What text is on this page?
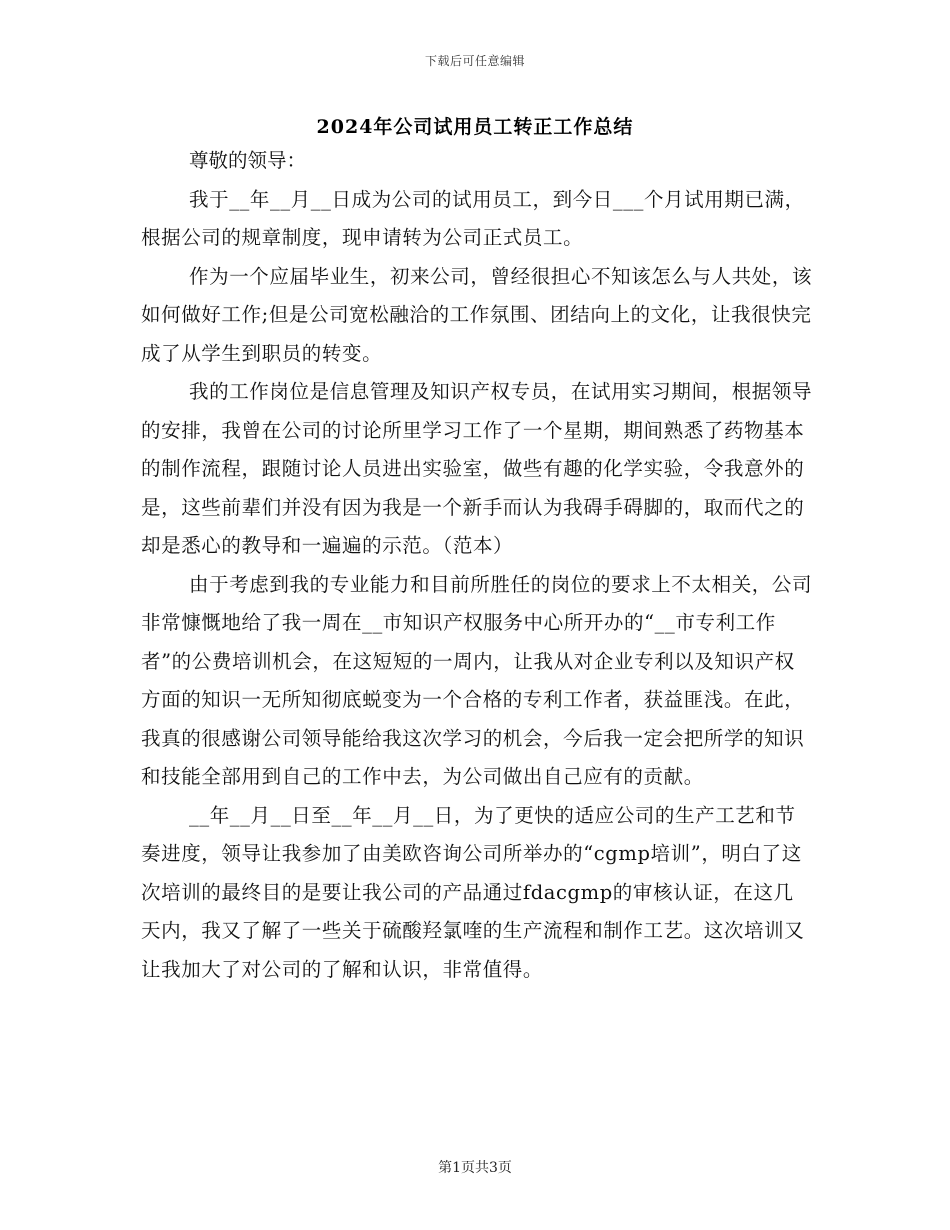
下载后可任意编辑
2024年公司试用员工转正工作总结

尊敬的领导：

我于__年__月__日成为公司的试用员工，到今日___个月试用期已满，根据公司的规章制度，现申请转为公司正式员工。

作为一个应届毕业生，初来公司，曾经很担心不知该怎么与人共处，该如何做好工作;但是公司宽松融洽的工作氛围、团结向上的文化，让我很快完成了从学生到职员的转变。

我的工作岗位是信息管理及知识产权专员，在试用实习期间，根据领导的安排，我曾在公司的讨论所里学习工作了一个星期，期间熟悉了药物基本的制作流程，跟随讨论人员进出实验室，做些有趣的化学实验，令我意外的是，这些前辈们并没有因为我是一个新手而认为我碍手碍脚的，取而代之的却是悉心的教导和一遍遍的示范。（范本）

由于考虑到我的专业能力和目前所胜任的岗位的要求上不太相关，公司非常慷慨地给了我一周在__市知识产权服务中心所开办的“__市专利工作者”的公费培训机会，在这短短的一周内，让我从对企业专利以及知识产权方面的知识一无所知彻底蜕变为一个合格的专利工作者，获益匪浅。在此，我真的很感谢公司领导能给我这次学习的机会，今后我一定会把所学的知识和技能全部用到自己的工作中去，为公司做出自己应有的贡献。

__年__月__日至__年__月__日，为了更快的适应公司的生产工艺和节奏进度，领导让我参加了由美欧咨询公司所举办的“cgmp培训”，明白了这次培训的最终目的是要让我公司的产品通过fdacgmp的审核认证，在这几天内，我又了解了一些关于硫酸羟氯喹的生产流程和制作工艺。这次培训又让我加大了对公司的了解和认识，非常值得。

第1页共3页
